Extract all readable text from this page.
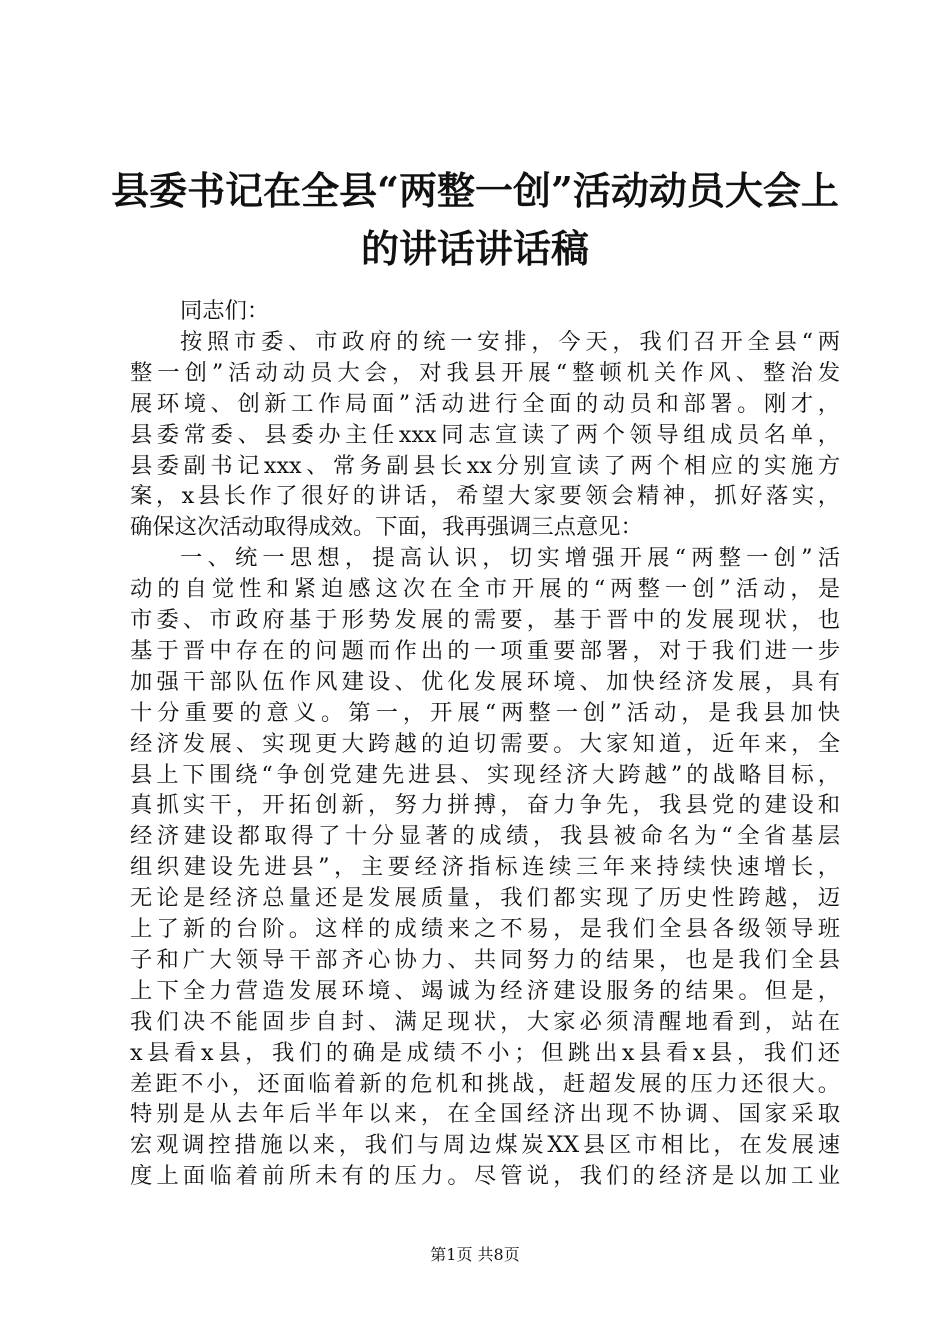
县委书记在全县“两整一创”活动动员大会上
的讲话讲话稿
同志们：
按照市委、市政府的统一安排，今天，我们召开全县“两
整一创”活动动员大会，对我县开展“整顿机关作风、整治发
展环境、创新工作局面”活动进行全面的动员和部署。刚才，
县委常委、县委办主任xxx同志宣读了两个领导组成员名单，
县委副书记xxx、常务副县长xx分别宣读了两个相应的实施方
案，x县长作了很好的讲话，希望大家要领会精神，抓好落实，
确保这次活动取得成效。下面，我再强调三点意见：
一、统一思想，提高认识，切实增强开展“两整一创”活
动的自觉性和紧迫感这次在全市开展的“两整一创”活动，是
市委、市政府基于形势发展的需要，基于晋中的发展现状，也
基于晋中存在的问题而作出的一项重要部署，对于我们进一步
加强干部队伍作风建设、优化发展环境、加快经济发展，具有
十分重要的意义。第一，开展“两整一创”活动，是我县加快
经济发展、实现更大跨越的迫切需要。大家知道，近年来，全
县上下围绕“争创党建先进县、实现经济大跨越”的战略目标，
真抓实干，开拓创新，努力拼搏，奋力争先，我县党的建设和
经济建设都取得了十分显著的成绩，我县被命名为“全省基层
组织建设先进县”，主要经济指标连续三年来持续快速增长，
无论是经济总量还是发展质量，我们都实现了历史性跨越，迈
上了新的台阶。这样的成绩来之不易，是我们全县各级领导班
子和广大领导干部齐心协力、共同努力的结果，也是我们全县
上下全力营造发展环境、竭诚为经济建设服务的结果。但是，
我们决不能固步自封、满足现状，大家必须清醒地看到，站在
x县看x县，我们的确是成绩不小；但跳出x县看x县，我们还
差距不小，还面临着新的危机和挑战，赶超发展的压力还很大。
特别是从去年后半年以来，在全国经济出现不协调、国家采取
宏观调控措施以来，我们与周边煤炭XX县区市相比，在发展速
度上面临着前所未有的压力。尽管说，我们的经济是以加工业
第1页 共8页
